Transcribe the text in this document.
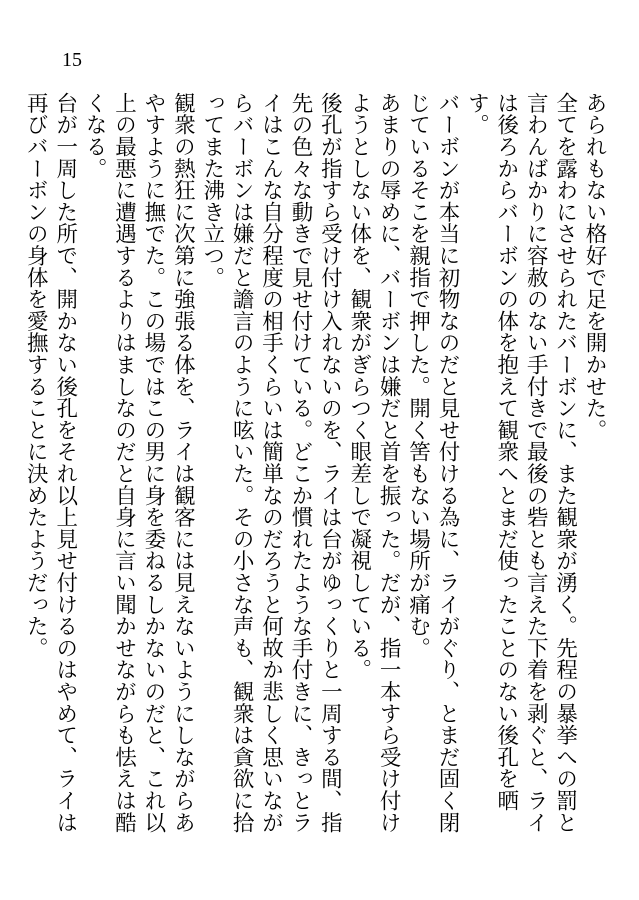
15

あられもない格好で足を開かせた。

全てを露わにさせられたバーボンに、また観衆が湧く。先程の暴挙への罰と言わんばかりに容赦のない手付きで最後の砦とも言えた下着を剥ぐと、ライは後ろからバーボンの体を抱えて観衆へとまだ使ったことのない後孔を晒す。

バーボンが本当に初物なのだと見せ付ける為に、ライがぐり、とまだ固く閉じているそこを親指で押した。開く筈もない場所が痛む。

あまりの辱めに、バーボンは嫌だと首を振った。だが、指一本すら受け付けようとしない体を、観衆がぎらつく眼差しで凝視している。

後孔が指すら受け付け入れないのを、ライは台がゆっくりと一周する間、指先の色々な動きで見せ付けている。どこか慣れたような手付きに、きっとライはこんな自分程度の相手くらいは簡単なのだろうと何故か悲しく思いながらバーボンは嫌だと譫言のように呟いた。その小さな声も、観衆は貪欲に拾ってまた沸き立つ。

観衆の熱狂に次第に強張る体を、ライは観客には見えないようにしながらあやすように撫でた。この場ではこの男に身を委ねるしかないのだと、これ以上の最悪に遭遇するよりはましなのだと自身に言い聞かせながらも怯えは酷くなる。

台が一周した所で、開かない後孔をそれ以上見せ付けるのはやめて、ライは再びバーボンの身体を愛撫することに決めたようだった。
